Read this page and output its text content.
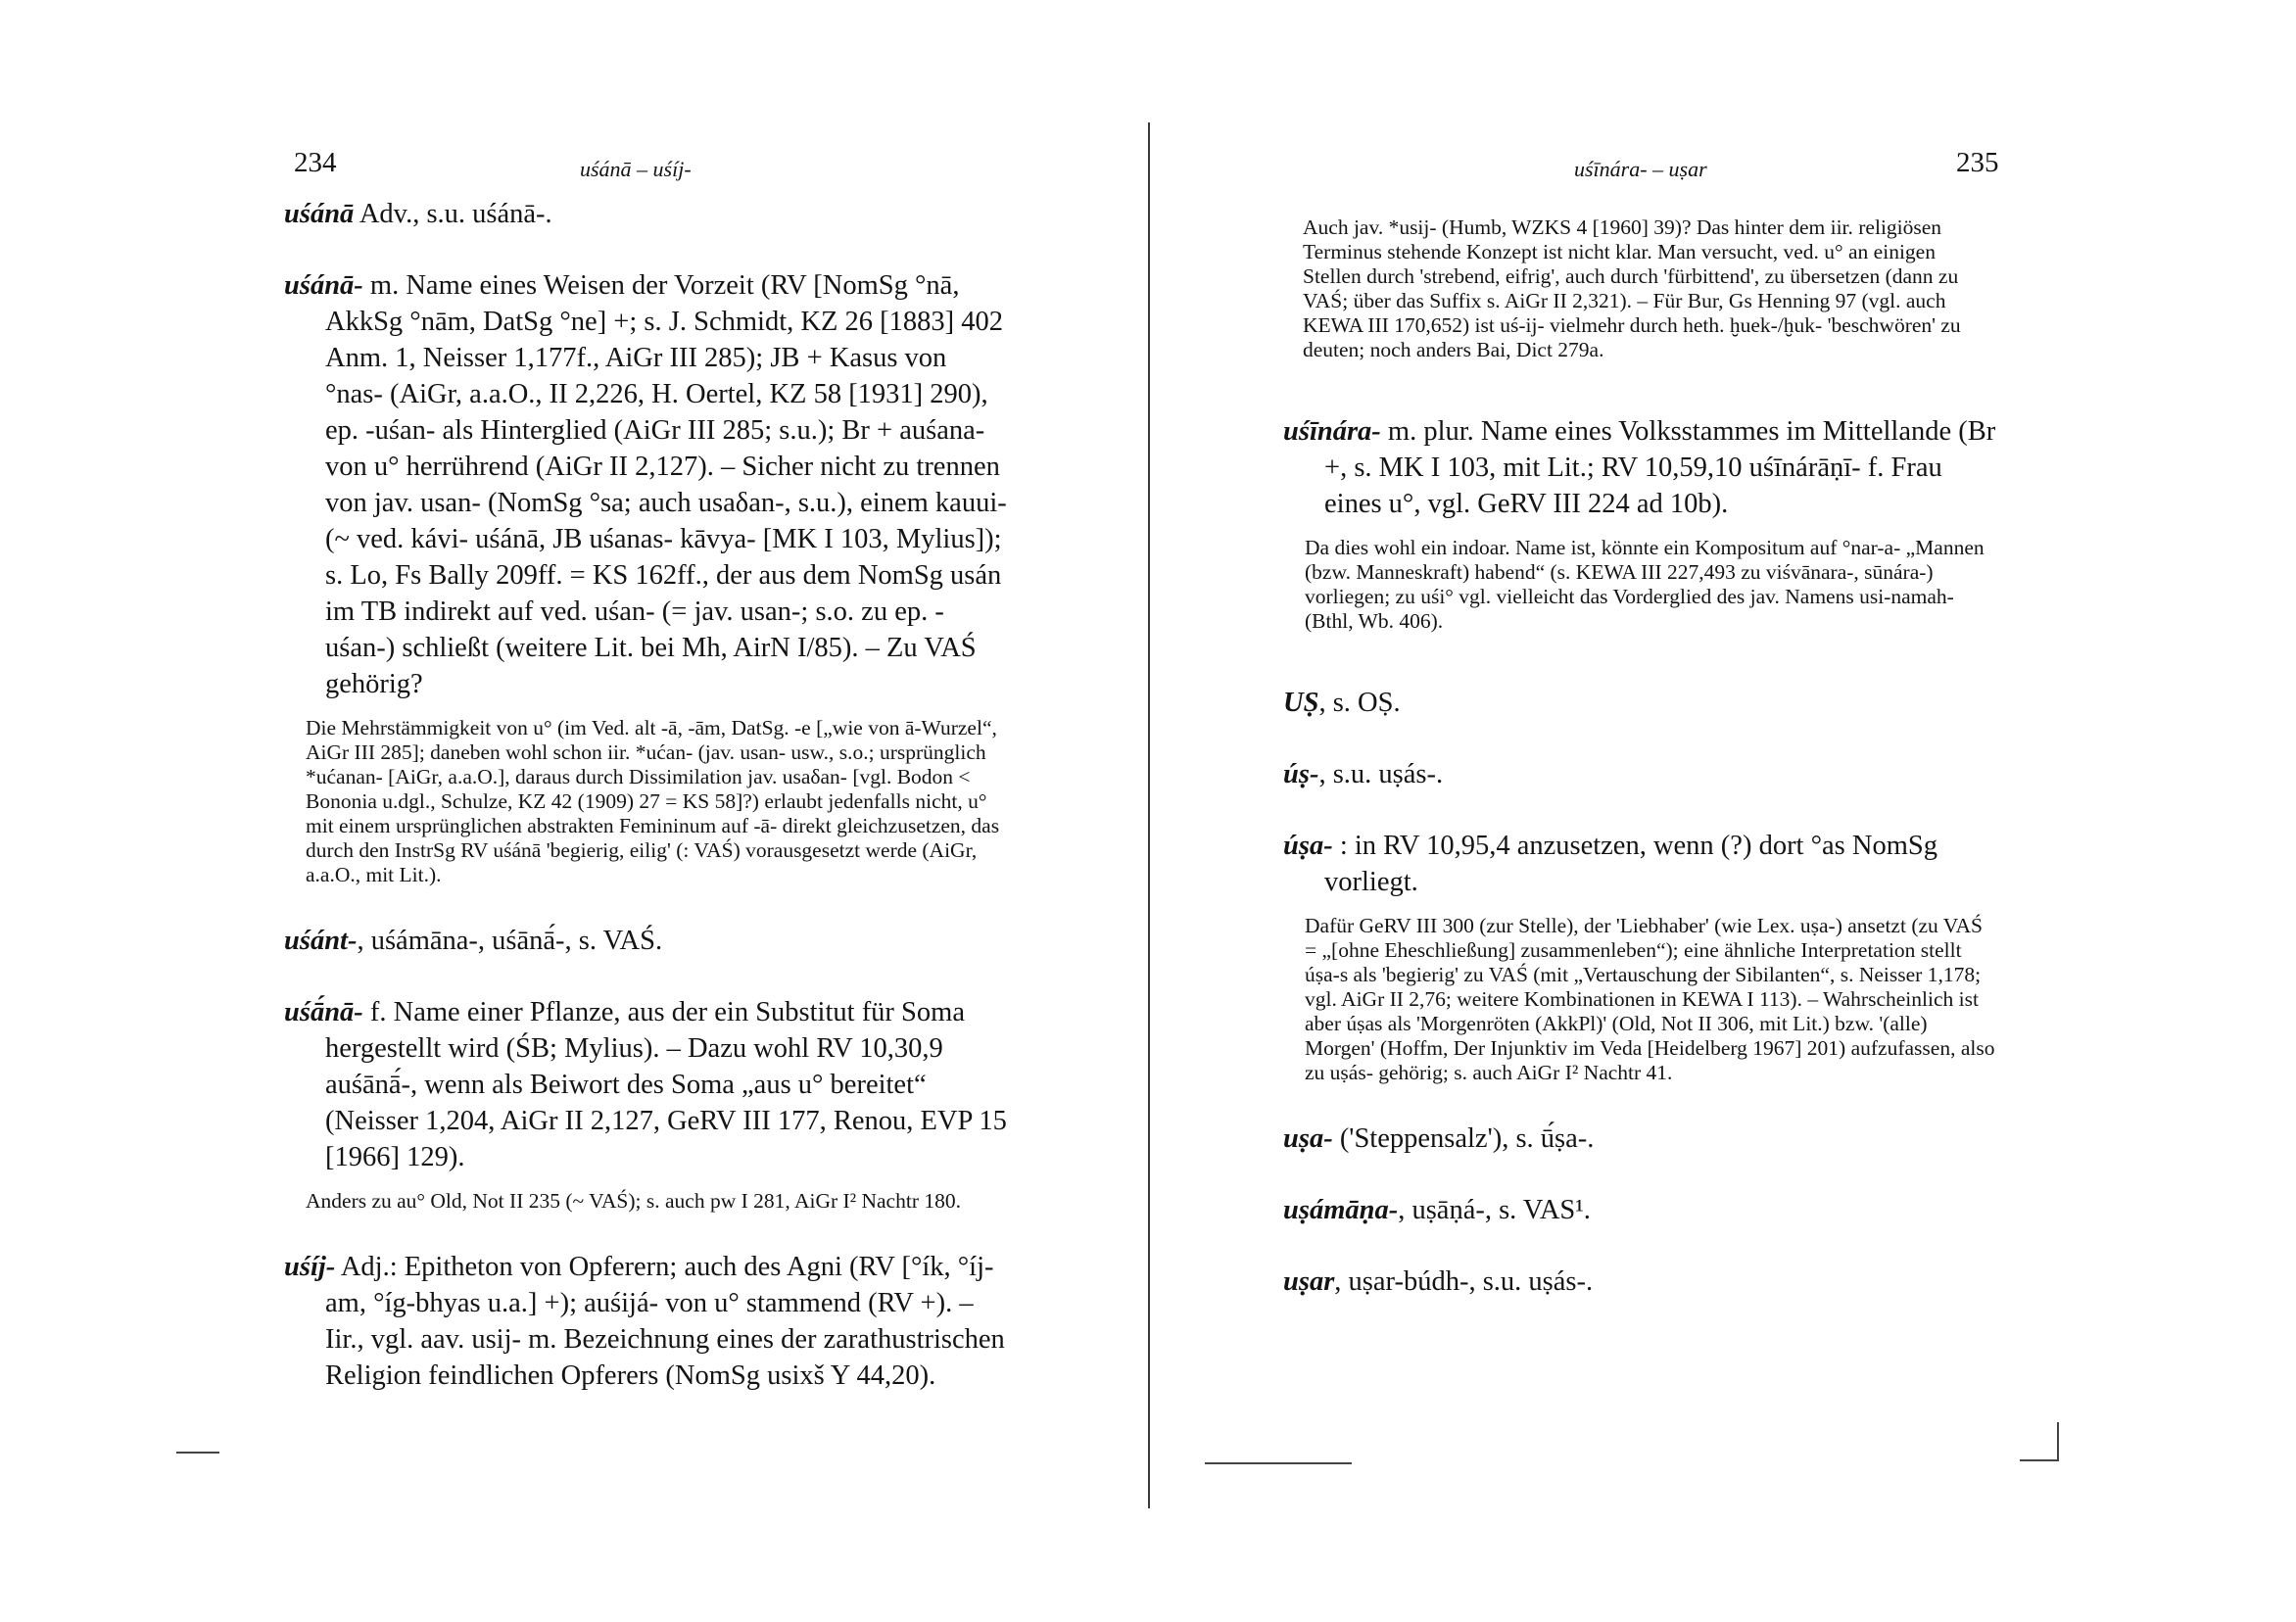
234	uśánā – uśíj-

uśánā Adv., s.u. uśánā-.

uśánā- m. Name eines Weisen der Vorzeit (RV [NomSg °nā, AkkSg °nām, DatSg °ne] +; s. J. Schmidt, KZ 26 [1883] 402 Anm. 1, Neisser 1,177f., AiGr III 285); JB + Kasus von °nas- (AiGr, a.a.O., II 2,226, H. Oertel, KZ 58 [1931] 290), ep. -uśan- als Hinterglied (AiGr III 285; s.u.); Br + auśana- von u° herrührend (AiGr II 2,127). – Sicher nicht zu trennen von jav. usan- (NomSg °sa; auch usaδan-, s.u.), einem kauui- (~ ved. kávi- uśánā, JB uśanas- kāvya- [MK I 103, Mylius]); s. Lo, Fs Bally 209ff. = KS 162ff., der aus dem NomSg usán im TB indirekt auf ved. uśan- (= jav. usan-; s.o. zu ep. -uśan-) schließt (weitere Lit. bei Mh, AirN I/85). – Zu VAŚ gehörig?

Die Mehrstämmigkeit von u° (im Ved. alt -ā, -ām, DatSg. -e [„wie von ā-Wurzel“, AiGr III 285]; daneben wohl schon iir. *ućan- (jav. usan- usw., s.o.; ursprünglich *ućanan- [AiGr, a.a.O.], daraus durch Dissimilation jav. usaδan- [vgl. Bodon < Bononia u.dgl., Schulze, KZ 42 (1909) 27 = KS 58]?) erlaubt jedenfalls nicht, u° mit einem ursprünglichen abstrakten Femininum auf -ā- direkt gleichzusetzen, das durch den InstrSg RV uśánā 'begierig, eilig' (: VAŚ) vorausgesetzt werde (AiGr, a.a.O., mit Lit.).

uśánt-, uśámāna-, uśānā́-, s. VAŚ.

uśā́nā- f. Name einer Pflanze, aus der ein Substitut für Soma hergestellt wird (ŚB; Mylius). – Dazu wohl RV 10,30,9 auśānā́-, wenn als Beiwort des Soma „aus u° bereitet“ (Neisser 1,204, AiGr II 2,127, GeRV III 177, Renou, EVP 15 [1966] 129).

Anders zu au° Old, Not II 235 (~ VAŚ); s. auch pw I 281, AiGr I² Nachtr 180.

uśíj- Adj.: Epitheton von Opferern; auch des Agni (RV [°ík, °íj-am, °íg-bhyas u.a.] +); auśijá- von u° stammend (RV +). – Iir., vgl. aav. usij- m. Bezeichnung eines der zarathustrischen Religion feindlichen Opferers (NomSg usixš Y 44,20).

uśīnára- – uṣar	235

Auch jav. *usij- (Humb, WZKS 4 [1960] 39)? Das hinter dem iir. religiösen Terminus stehende Konzept ist nicht klar. Man versucht, ved. u° an einigen Stellen durch 'strebend, eifrig', auch durch 'fürbittend', zu übersetzen (dann zu VAŚ; über das Suffix s. AiGr II 2,321). – Für Bur, Gs Henning 97 (vgl. auch KEWA III 170,652) ist uś-ij- vielmehr durch heth. ḫuek-/ḫuk- 'beschwören' zu deuten; noch anders Bai, Dict 279a.

uśīnára- m. plur. Name eines Volksstammes im Mittellande (Br +, s. MK I 103, mit Lit.; RV 10,59,10 uśīnárāṇī- f. Frau eines u°, vgl. GeRV III 224 ad 10b).

Da dies wohl ein indoar. Name ist, könnte ein Kompositum auf °nar-a- „Mannen (bzw. Manneskraft) habend“ (s. KEWA III 227,493 zu viśvānara-, sūnára-) vorliegen; zu uśi° vgl. vielleicht das Vorderglied des jav. Namens usi-namah- (Bthl, Wb. 406).

UṢ, s. OṢ.

úṣ-, s.u. uṣás-.

úṣa- : in RV 10,95,4 anzusetzen, wenn (?) dort °as NomSg vorliegt.

Dafür GeRV III 300 (zur Stelle), der 'Liebhaber' (wie Lex. uṣa-) ansetzt (zu VAŚ = „[ohne Eheschließung] zusammenleben“); eine ähnliche Interpretation stellt úṣa-s als 'begierig' zu VAŚ (mit „Vertauschung der Sibilanten“, s. Neisser 1,178; vgl. AiGr II 2,76; weitere Kombinationen in KEWA I 113). – Wahrscheinlich ist aber úṣas als 'Morgenröten (AkkPl)' (Old, Not II 306, mit Lit.) bzw. '(alle) Morgen' (Hoffm, Der Injunktiv im Veda [Heidelberg 1967] 201) aufzufassen, also zu uṣás- gehörig; s. auch AiGr I² Nachtr 41.

uṣa- ('Steppensalz'), s. ū́ṣa-.

uṣámāṇa-, uṣāṇá-, s. VAS¹.

uṣar, uṣar-búdh-, s.u. uṣás-.
